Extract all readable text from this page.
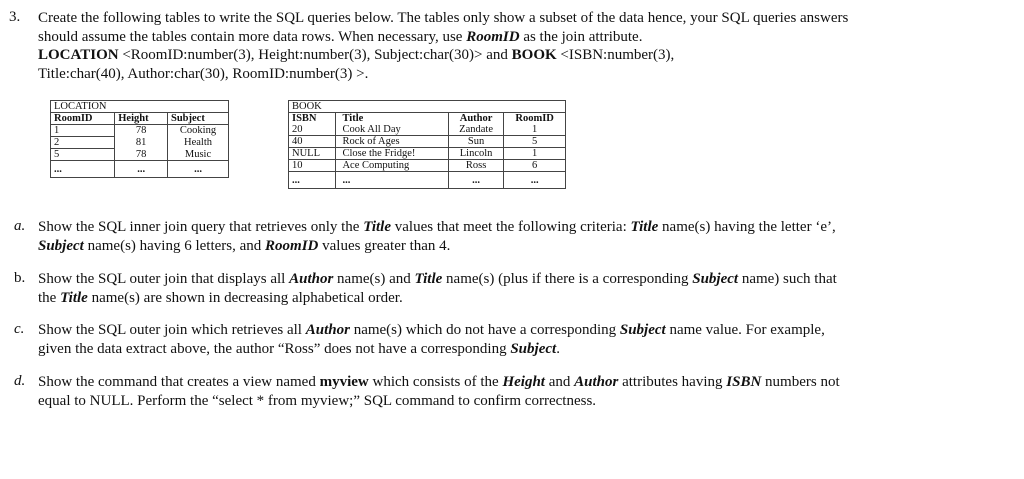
3. Create the following tables to write the SQL queries below. The tables only show a subset of the data hence, your SQL queries answers should assume the tables contain more data rows. When necessary, use RoomID as the join attribute.
LOCATION <RoomID:number(3), Height:number(3), Subject:char(30)> and BOOK <ISBN:number(3),
Title:char(40), Author:char(30), RoomID:number(3) >.
LOCATION		
RoomID	Height	Subject
1	78	Cooking
2	81	Health
5	78	Music
...	...	...
BOOK			
ISBN	Title	Author	RoomID
20	Cook All Day	Zandate	1
40	Rock of Ages	Sun	5
NULL	Close the Fridge!	Lincoln	1
10	Ace Computing	Ross	6
...	...	...	...
a. Show the SQL inner join query that retrieves only the Title values that meet the following criteria: Title name(s) having the letter ‘e’, Subject name(s) having 6 letters, and RoomID values greater than 4.
b. Show the SQL outer join that displays all Author name(s) and Title name(s) (plus if there is a corresponding Subject name) such that the Title name(s) are shown in decreasing alphabetical order.
c. Show the SQL outer join which retrieves all Author name(s) which do not have a corresponding Subject name value. For example, given the data extract above, the author “Ross” does not have a corresponding Subject.
d. Show the command that creates a view named myview which consists of the Height and Author attributes having ISBN numbers not equal to NULL. Perform the “select * from myview;” SQL command to confirm correctness.
